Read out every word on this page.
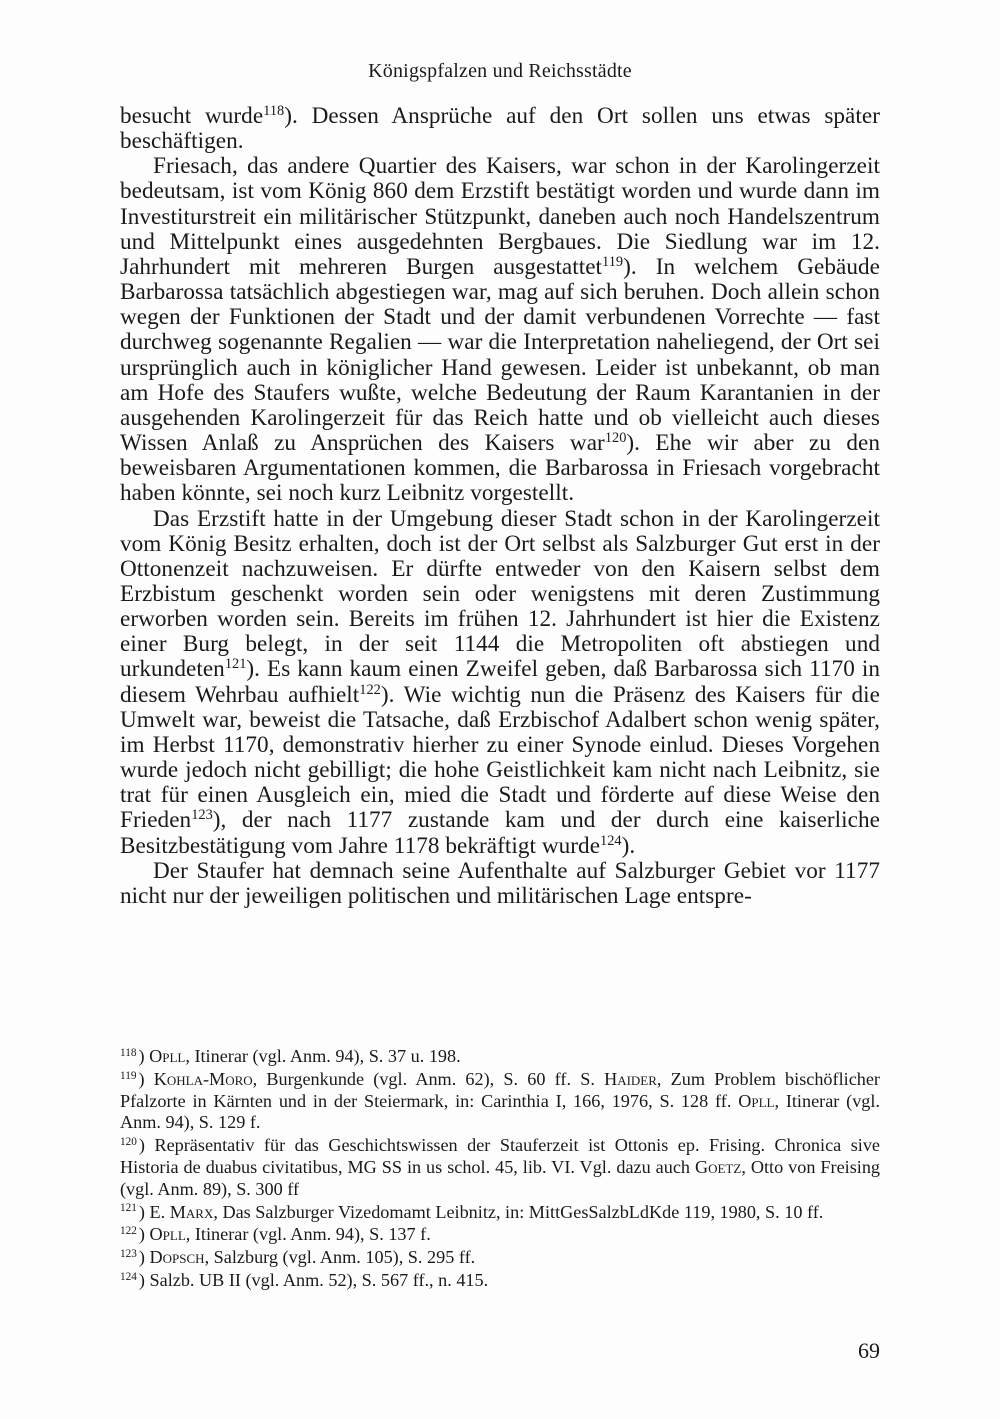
Königspfalzen und Reichsstädte

besucht wurde$^{118}$). Dessen Ansprüche auf den Ort sollen uns etwas später beschäftigen.

Friesach, das andere Quartier des Kaisers, war schon in der Karolingerzeit bedeutsam, ist vom König 860 dem Erzstift bestätigt worden und wurde dann im Investiturstreit ein militärischer Stützpunkt, daneben auch noch Handelszentrum und Mittelpunkt eines ausgedehnten Bergbaues. Die Siedlung war im 12. Jahrhundert mit mehreren Burgen ausgestattet$^{119}$). In welchem Gebäude Barbarossa tatsächlich abgestiegen war, mag auf sich beruhen. Doch allein schon wegen der Funktionen der Stadt und der damit verbundenen Vorrechte — fast durchweg sogenannte Regalien — war die Interpretation naheliegend, der Ort sei ursprünglich auch in königlicher Hand gewesen. Leider ist unbekannt, ob man am Hofe des Staufers wußte, welche Bedeutung der Raum Karantanien in der ausgehenden Karolingerzeit für das Reich hatte und ob vielleicht auch dieses Wissen Anlaß zu Ansprüchen des Kaisers war$^{120}$). Ehe wir aber zu den beweisbaren Argumentationen kommen, die Barbarossa in Friesach vorgebracht haben könnte, sei noch kurz Leibnitz vorgestellt.

Das Erzstift hatte in der Umgebung dieser Stadt schon in der Karolingerzeit vom König Besitz erhalten, doch ist der Ort selbst als Salzburger Gut erst in der Ottonenzeit nachzuweisen. Er dürfte entweder von den Kaisern selbst dem Erzbistum geschenkt worden sein oder wenigstens mit deren Zustimmung erworben worden sein. Bereits im frühen 12. Jahrhundert ist hier die Existenz einer Burg belegt, in der seit 1144 die Metropoliten oft abstiegen und urkundeten$^{121}$). Es kann kaum einen Zweifel geben, daß Barbarossa sich 1170 in diesem Wehrbau aufhielt$^{122}$). Wie wichtig nun die Präsenz des Kaisers für die Umwelt war, beweist die Tatsache, daß Erzbischof Adalbert schon wenig später, im Herbst 1170, demonstrativ hierher zu einer Synode einlud. Dieses Vorgehen wurde jedoch nicht gebilligt; die hohe Geistlichkeit kam nicht nach Leibnitz, sie trat für einen Ausgleich ein, mied die Stadt und förderte auf diese Weise den Frieden$^{123}$), der nach 1177 zustande kam und der durch eine kaiserliche Besitzbestätigung vom Jahre 1178 bekräftigt wurde$^{124}$).

Der Staufer hat demnach seine Aufenthalte auf Salzburger Gebiet vor 1177 nicht nur der jeweiligen politischen und militärischen Lage entspre-

$^{118}$ ) Opll, Itinerar (vgl. Anm. 94), S. 37 u. 198.

$^{119}$ ) Kohla-Moro, Burgenkunde (vgl. Anm. 62), S. 60 ff. S. Haider, Zum Problem bischöflicher Pfalzorte in Kärnten und in der Steiermark, in: Carinthia I, 166, 1976, S. 128 ff. Opll, Itinerar (vgl. Anm. 94), S. 129 f.

$^{120}$ ) Repräsentativ für das Geschichtswissen der Stauferzeit ist Ottonis ep. Frising. Chronica sive Historia de duabus civitatibus, MG SS in us schol. 45, lib. VI. Vgl. dazu auch Goetz, Otto von Freising (vgl. Anm. 89), S. 300 ff

$^{121}$ ) E. Marx, Das Salzburger Vizedomamt Leibnitz, in: MittGesSalzbLdKde 119, 1980, S. 10 ff.

$^{122}$ ) Opll, Itinerar (vgl. Anm. 94), S. 137 f.

$^{123}$ ) Dopsch, Salzburg (vgl. Anm. 105), S. 295 ff.

$^{124}$ ) Salzb. UB II (vgl. Anm. 52), S. 567 ff., n. 415.

69
